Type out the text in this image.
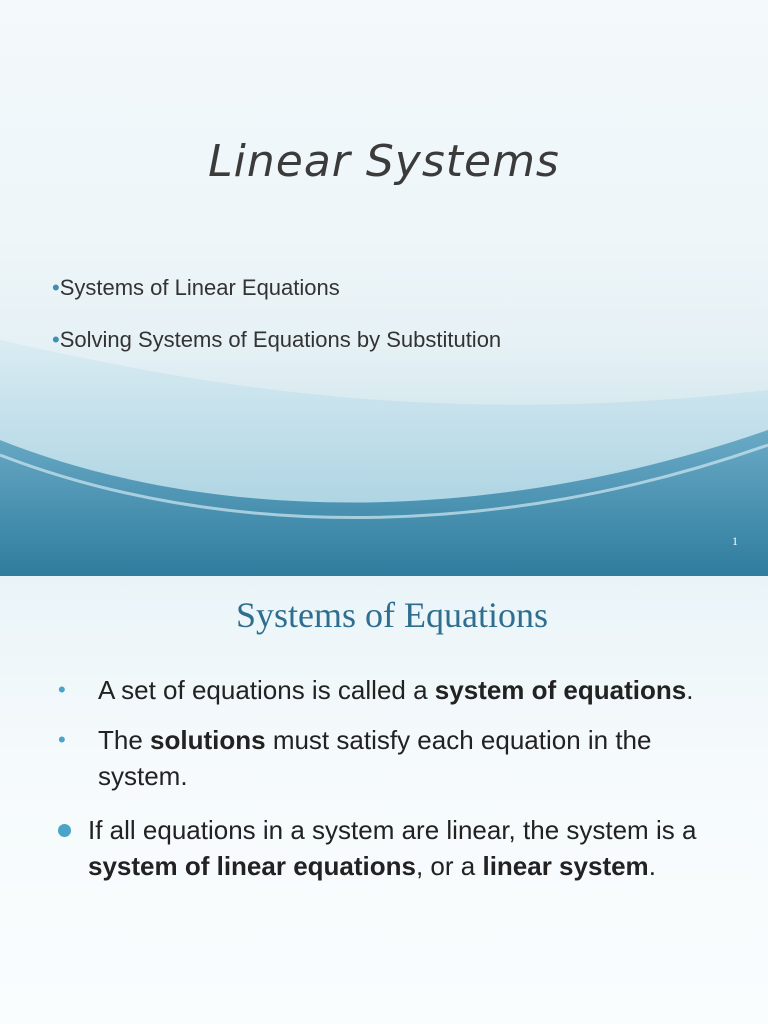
Linear Systems
•Systems of Linear Equations
•Solving Systems of Equations by Substitution
1
Systems of Equations
• A set of equations is called a system of equations.
• The solutions must satisfy each equation in the system.
If all equations in a system are linear, the system is a system of linear equations, or a linear system.
